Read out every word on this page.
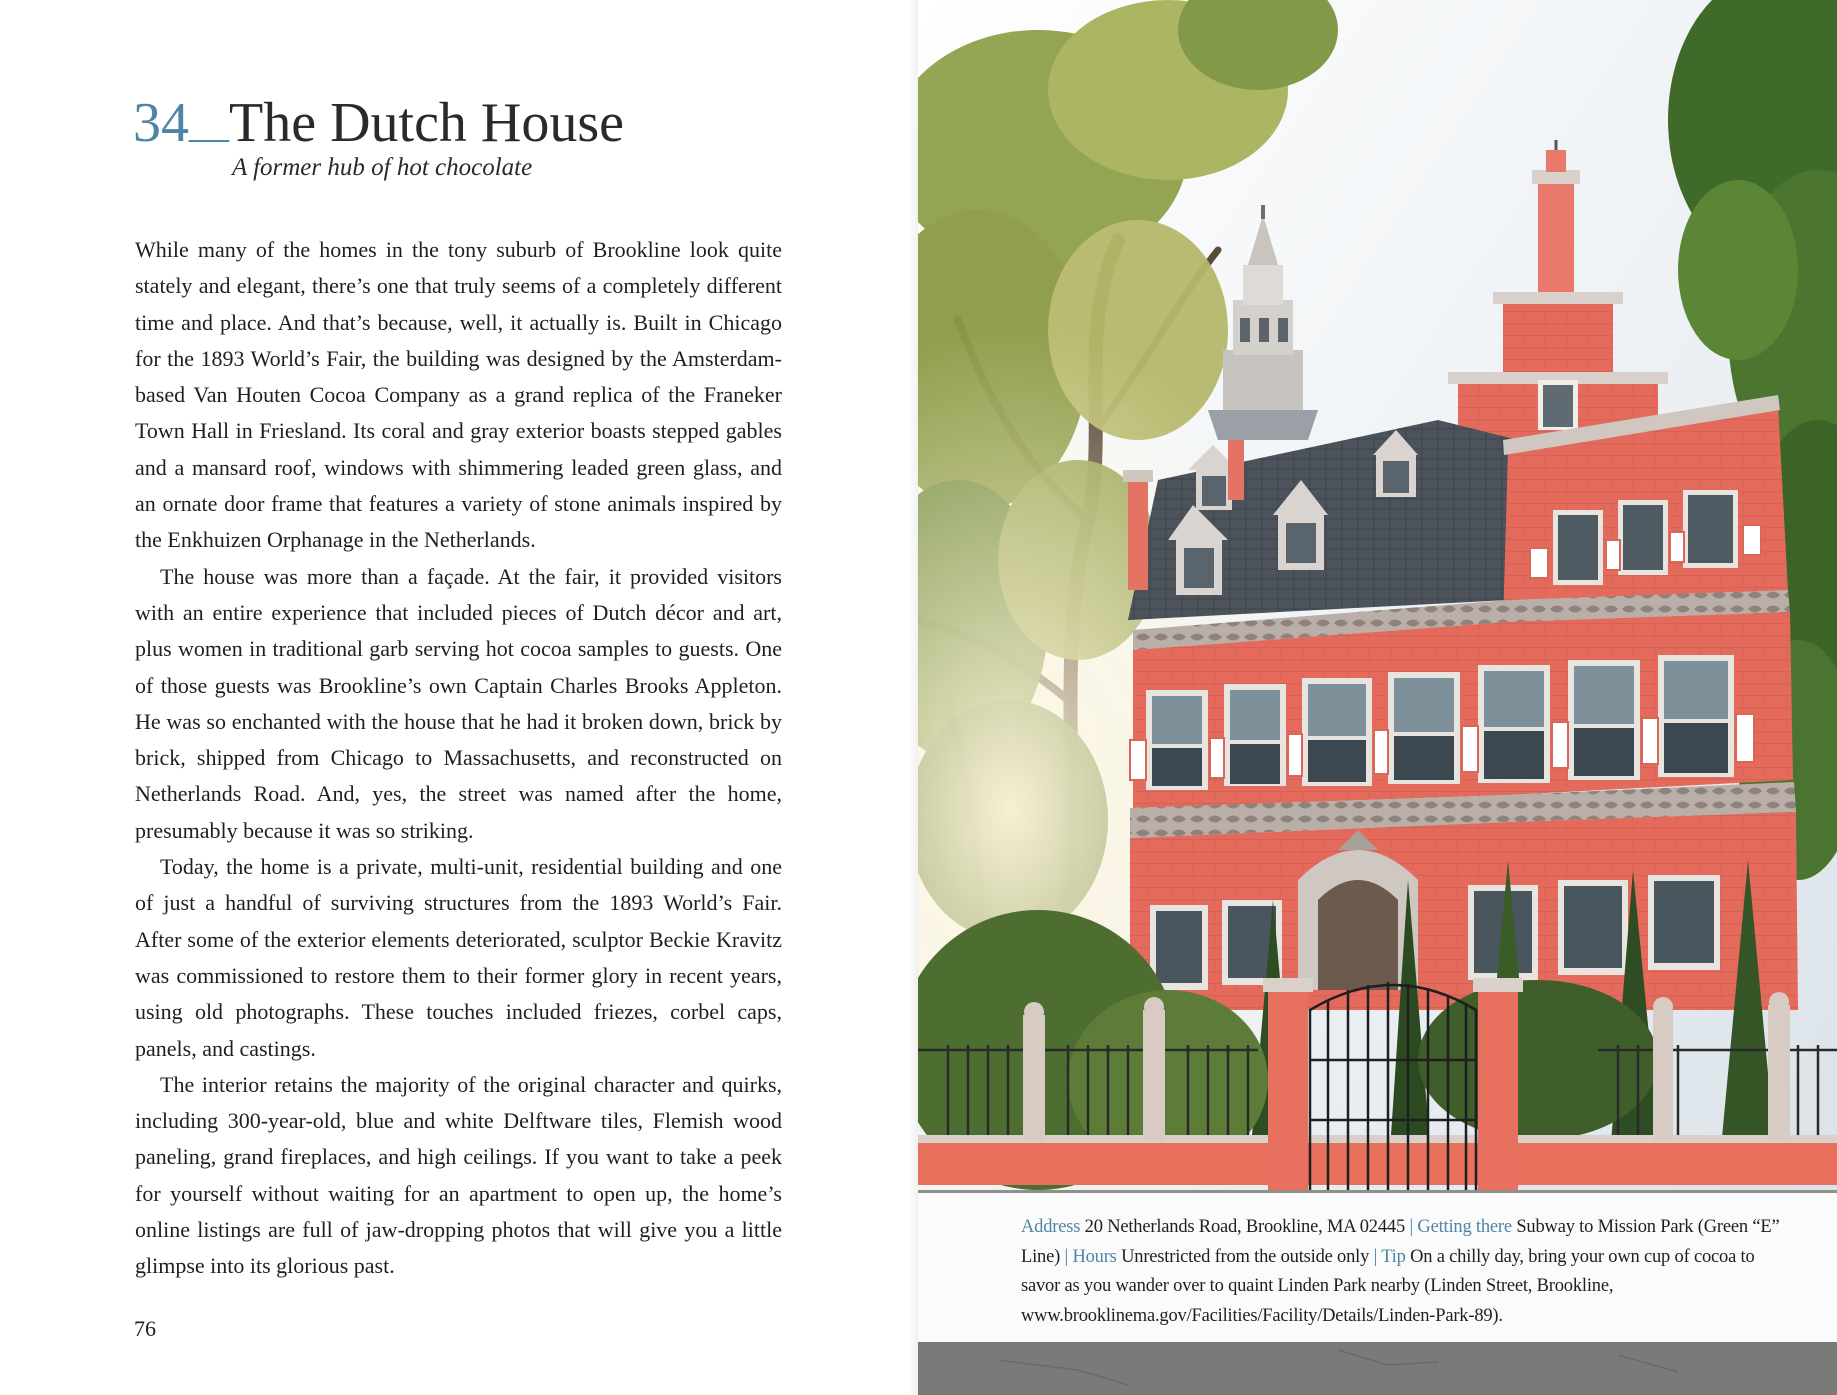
34__The Dutch House
A former hub of hot chocolate

While many of the homes in the tony suburb of Brookline look quite stately and elegant, there’s one that truly seems of a completely different time and place. And that’s because, well, it actually is. Built in Chicago for the 1893 World’s Fair, the building was designed by the Amsterdam-based Van Houten Cocoa Company as a grand replica of the Franeker Town Hall in Friesland. Its coral and gray exterior boasts stepped gables and a mansard roof, windows with shimmering leaded green glass, and an ornate door frame that features a variety of stone animals inspired by the Enkhuizen Orphanage in the Netherlands.

The house was more than a façade. At the fair, it provided visitors with an entire experience that included pieces of Dutch décor and art, plus women in traditional garb serving hot cocoa samples to guests. One of those guests was Brookline’s own Captain Charles Brooks Appleton. He was so enchanted with the house that he had it broken down, brick by brick, shipped from Chicago to Massachusetts, and reconstructed on Netherlands Road. And, yes, the street was named after the home, presumably because it was so striking.

Today, the home is a private, multi-unit, residential building and one of just a handful of surviving structures from the 1893 World’s Fair. After some of the exterior elements deteriorated, sculptor Beckie Kravitz was commissioned to restore them to their former glory in recent years, using old photographs. These touches included friezes, corbel caps, panels, and castings.

The interior retains the majority of the original character and quirks, including 300-year-old, blue and white Delftware tiles, Flemish wood paneling, grand fireplaces, and high ceilings. If you want to take a peek for yourself without waiting for an apartment to open up, the home’s online listings are full of jaw-dropping photos that will give you a little glimpse into its glorious past.

76
Address 20 Netherlands Road, Brookline, MA 02445 | Getting there Subway to Mission Park (Green “E” Line) | Hours Unrestricted from the outside only | Tip On a chilly day, bring your own cup of cocoa to savor as you wander over to quaint Linden Park nearby (Linden Street, Brookline, www.brooklinema.gov/Facilities/Facility/Details/Linden-Park-89).
